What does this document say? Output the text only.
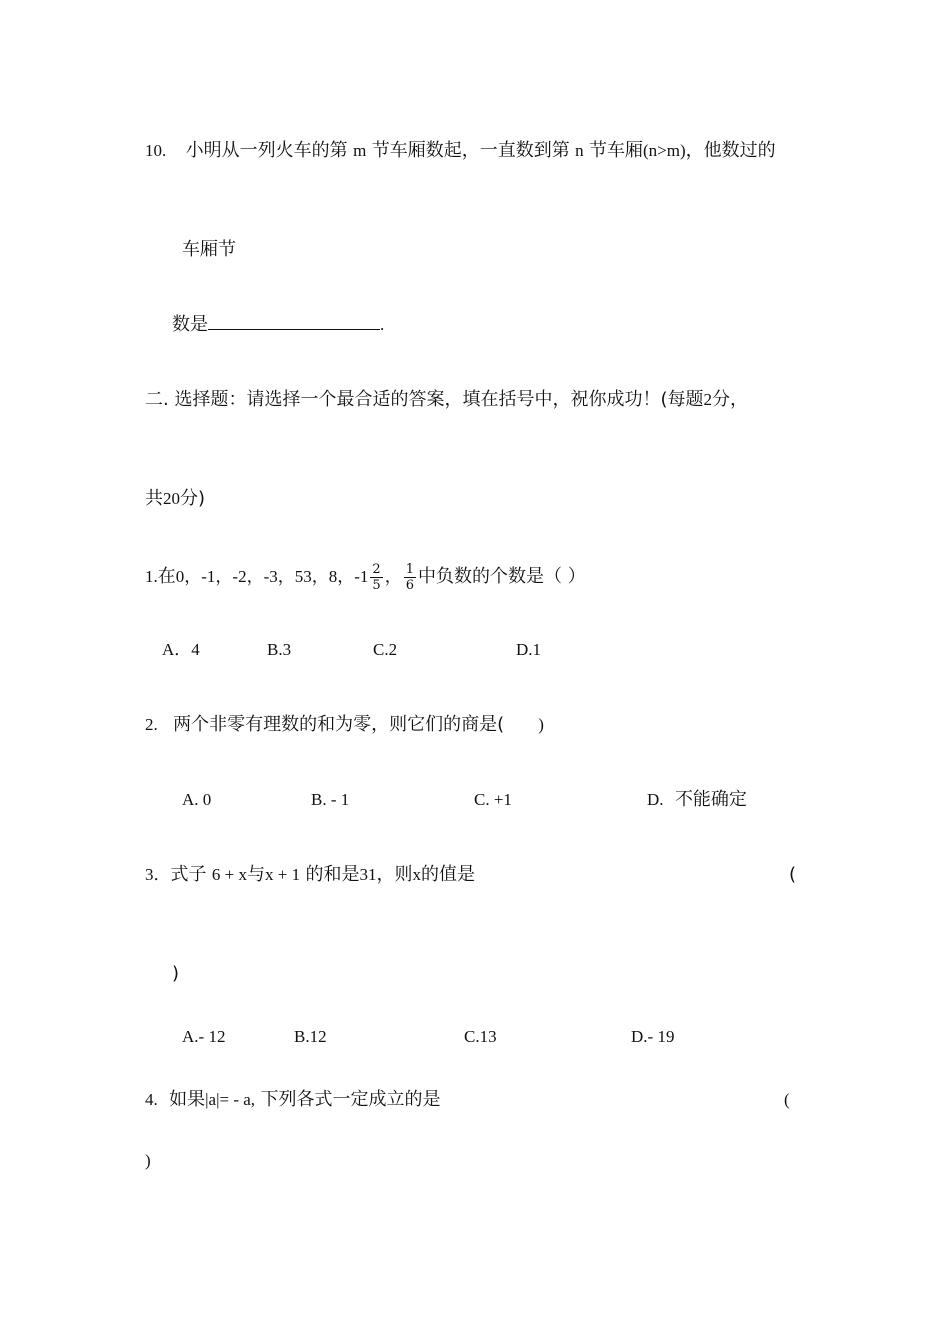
10. 小明从一列火车的第 m 节车厢数起，一直数到第 n 节车厢(n>m)，他数过的
车厢节
数是	.
二. 选择题：请选择一个最合适的答案，填在括号中，祝你成功！(每题2分，
共20分)
1.在0，-1，-2，-3，53，8，$-1 \frac{2}{5}$ ， $\frac{1}{6}$ 中负数的个数是（ ）
A．4	B.3	C.2	D.1
2. 两个非零有理数的和为零，则它们的商是( )
A. 0	B. - 1	C. +1	D. 不能确定
3．式子 6 + x与x + 1 的和是31，则x的值是	(
)
A.- 12	B.12	C.13	D.- 19
4. 如果|a|= - a, 下列各式一定成立的是	(
)
